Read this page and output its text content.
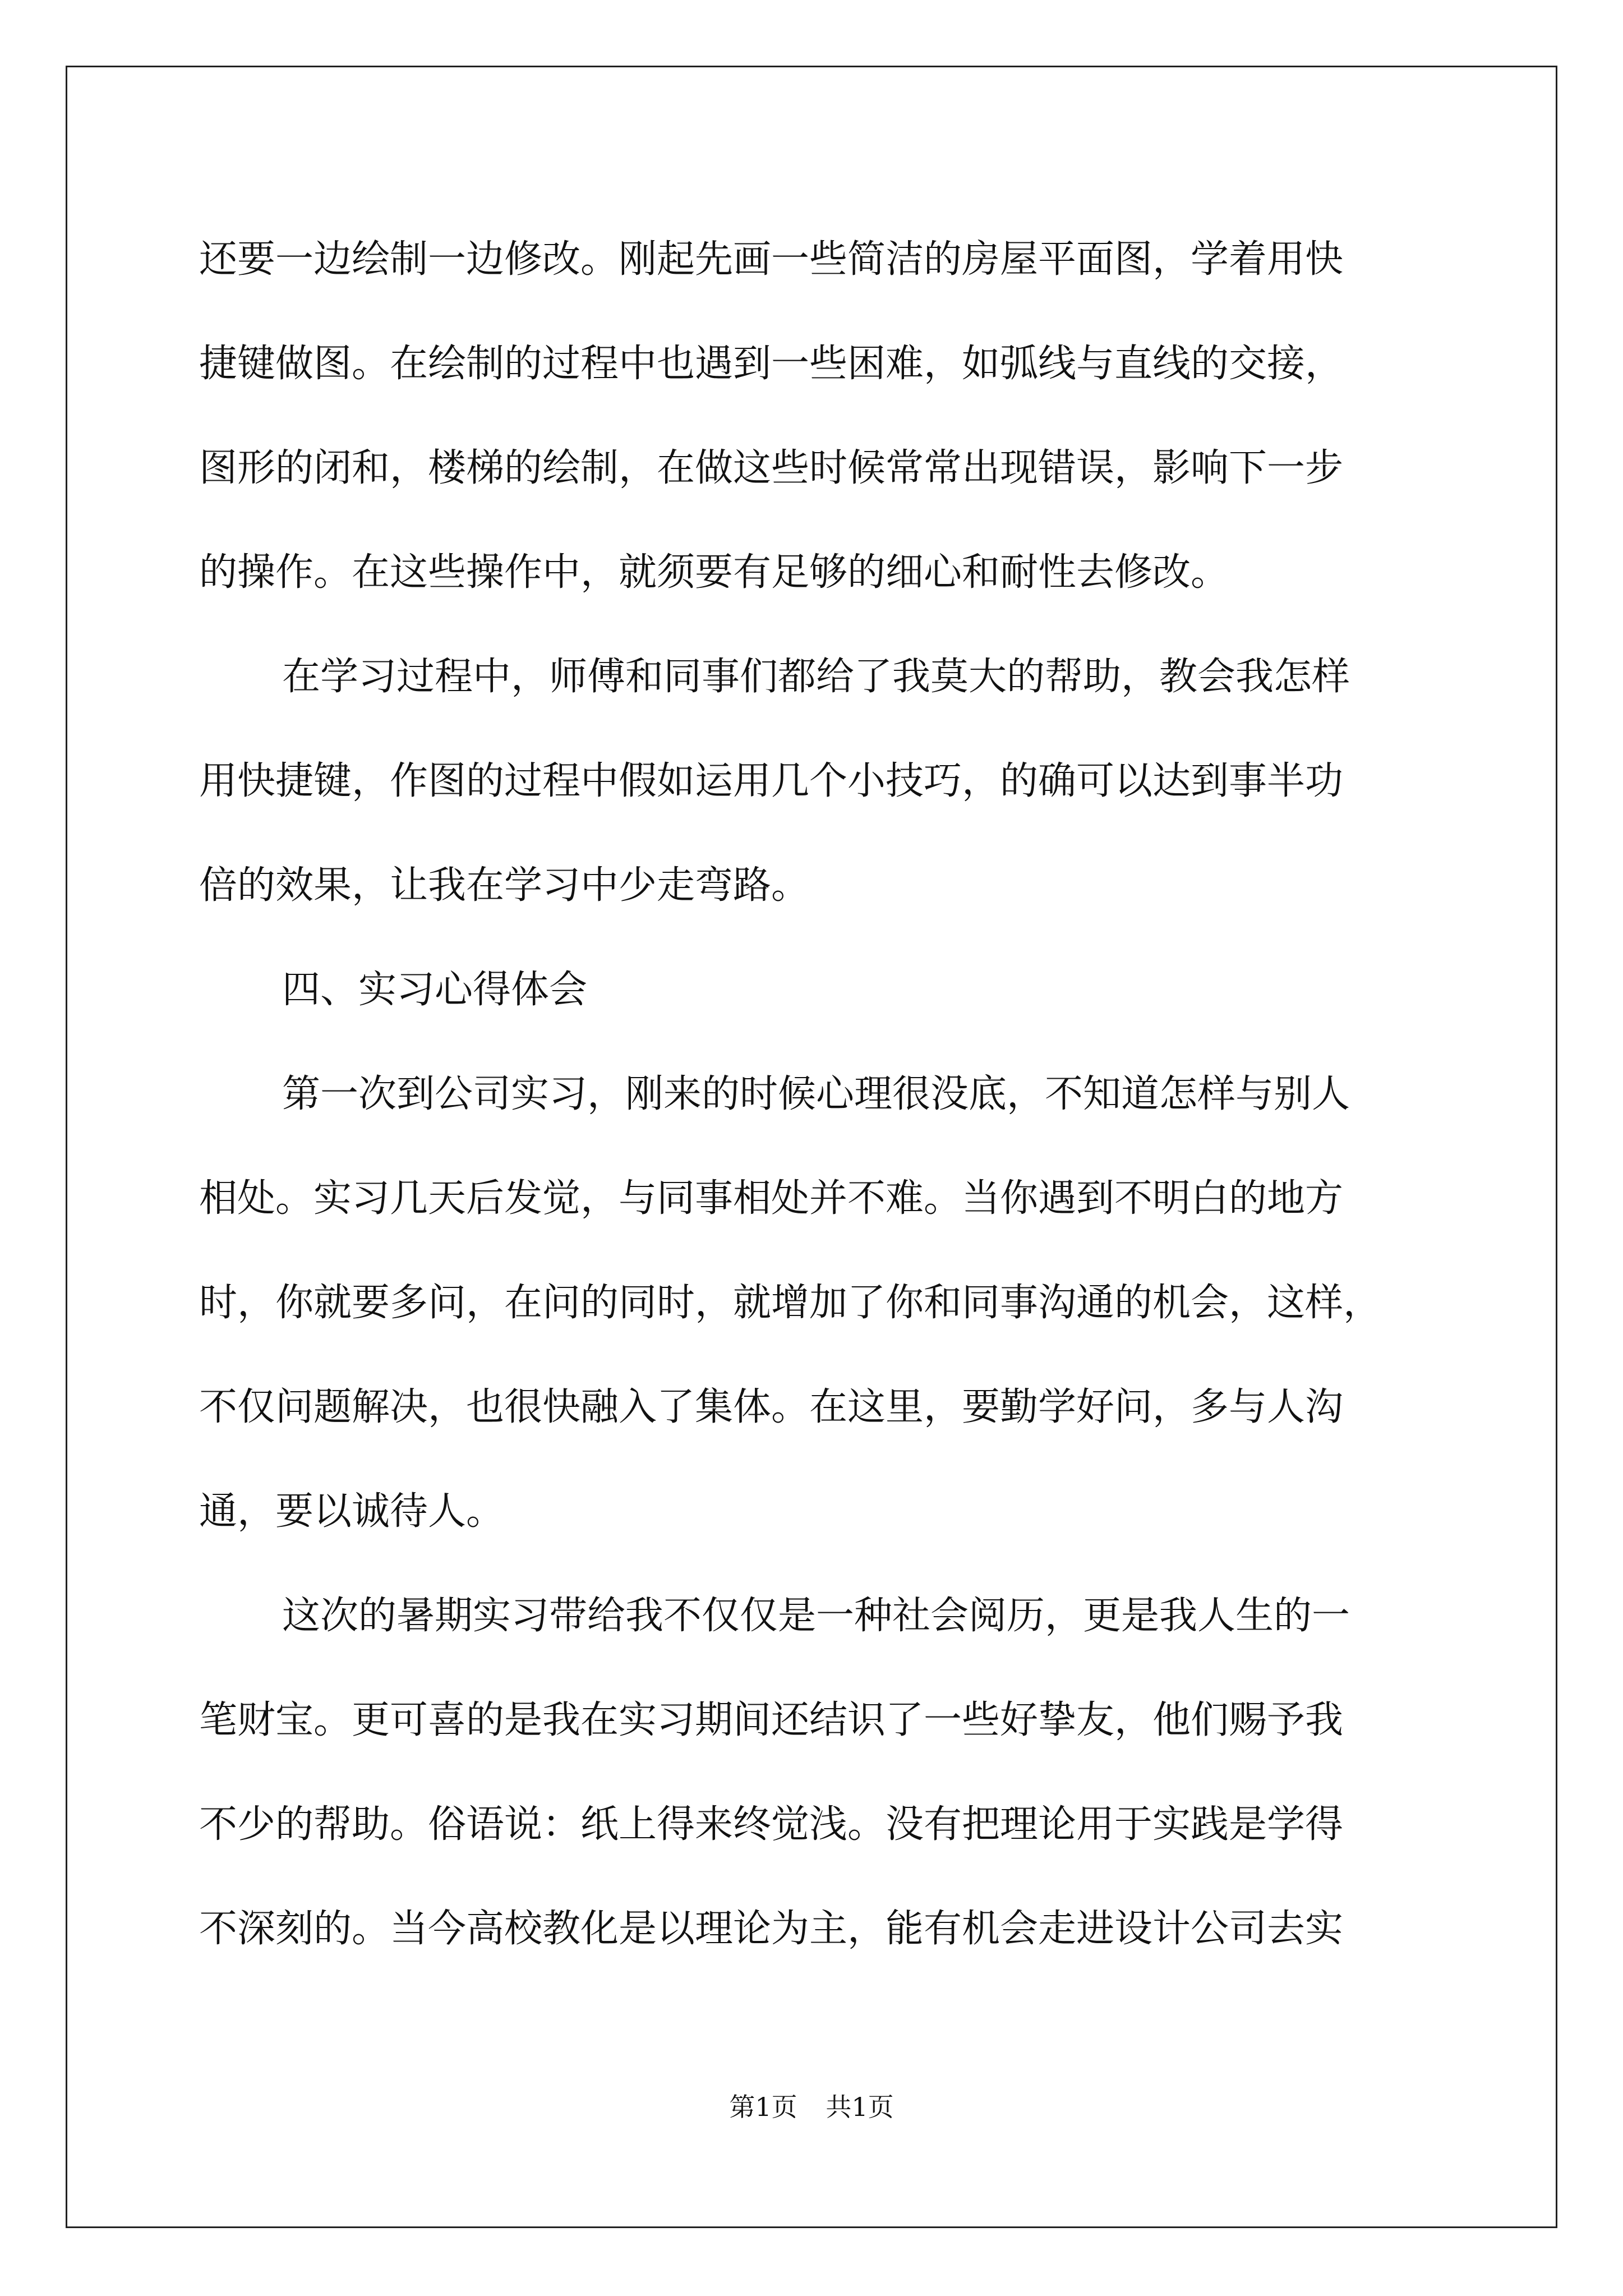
还要一边绘制一边修改。刚起先画一些简洁的房屋平面图，学着用快
捷键做图。在绘制的过程中也遇到一些困难，如弧线与直线的交接，
图形的闭和，楼梯的绘制，在做这些时候常常出现错误，影响下一步
的操作。在这些操作中，就须要有足够的细心和耐性去修改。
在学习过程中，师傅和同事们都给了我莫大的帮助，教会我怎样
用快捷键，作图的过程中假如运用几个小技巧，的确可以达到事半功
倍的效果，让我在学习中少走弯路。
四、实习心得体会
第一次到公司实习，刚来的时候心理很没底，不知道怎样与别人
相处。实习几天后发觉，与同事相处并不难。当你遇到不明白的地方
时，你就要多问，在问的同时，就增加了你和同事沟通的机会，这样，
不仅问题解决，也很快融入了集体。在这里，要勤学好问，多与人沟
通，要以诚待人。
这次的暑期实习带给我不仅仅是一种社会阅历，更是我人生的一
笔财宝。更可喜的是我在实习期间还结识了一些好挚友，他们赐予我
不少的帮助。俗语说：纸上得来终觉浅。没有把理论用于实践是学得
不深刻的。当今高校教化是以理论为主，能有机会走进设计公司去实
第1页 共1页
